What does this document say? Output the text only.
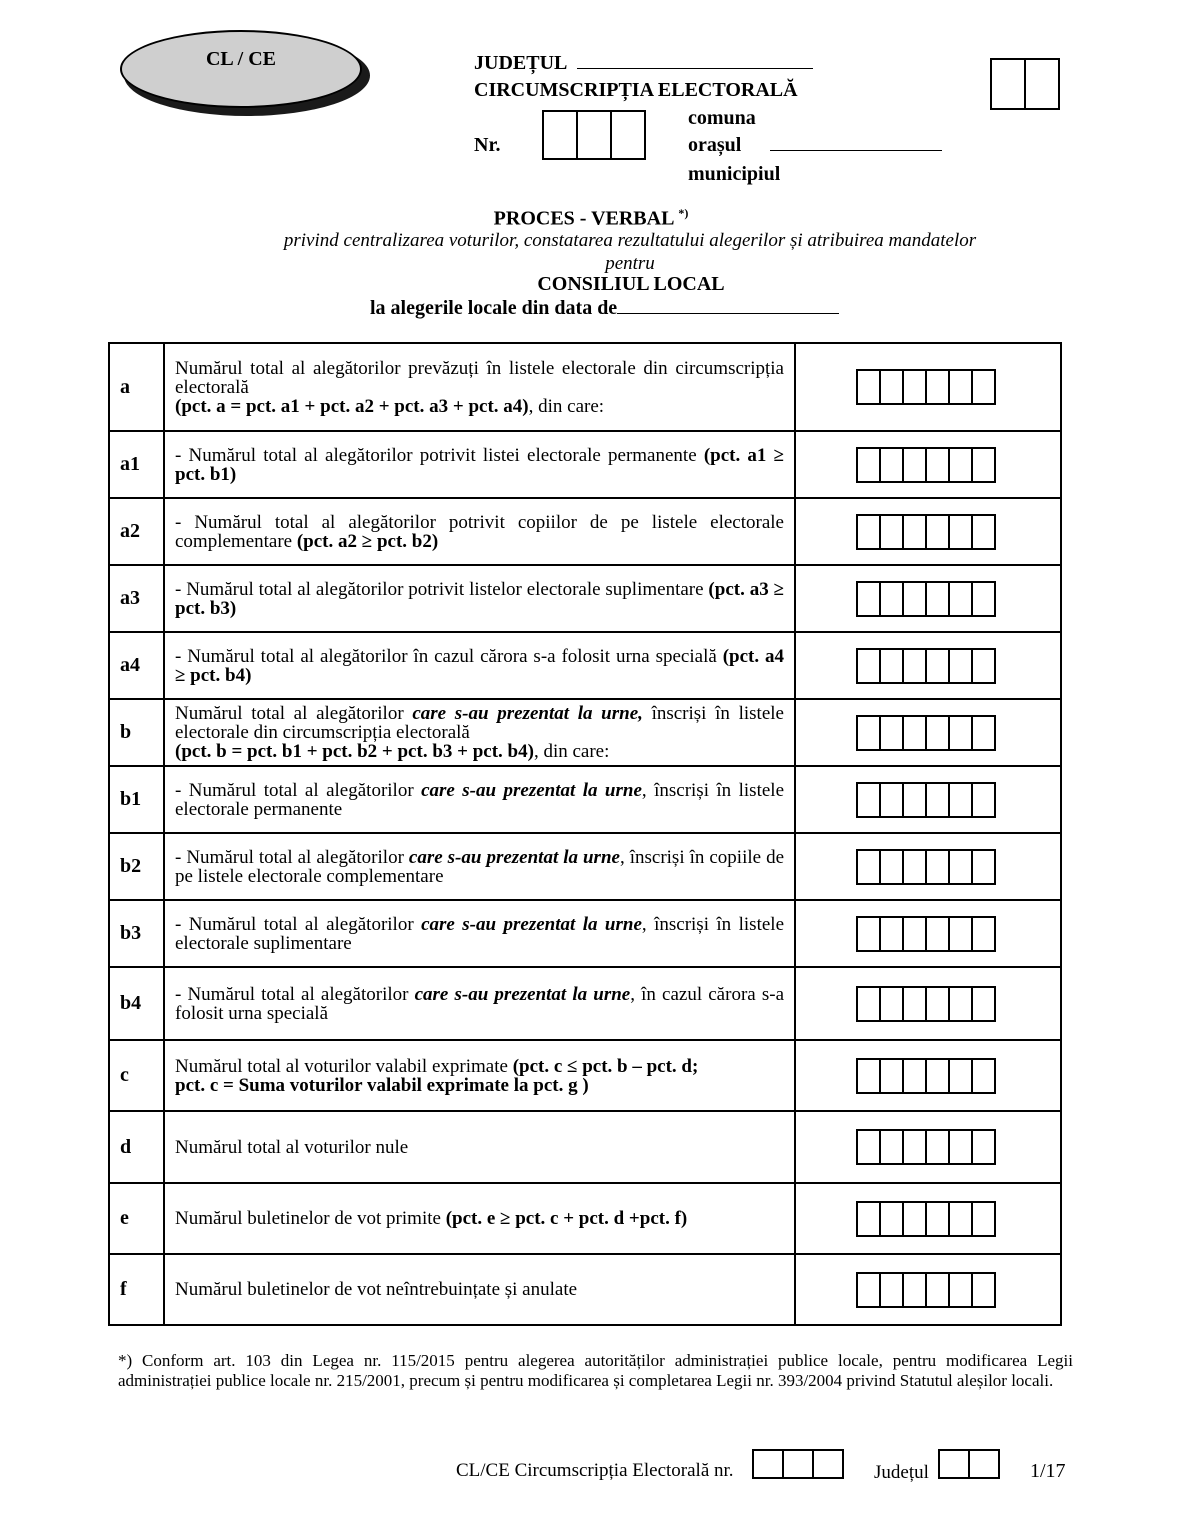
CL / CE	JUDEȚUL
CIRCUMSCRIPȚIA ELECTORALĂ
Nr.
comuna
orașul
municipiul
PROCES - VERBAL *)
privind centralizarea voturilor, constatarea rezultatului alegerilor și atribuirea mandatelor
pentru
CONSILIUL LOCAL
la alegerile locale din data de
a	Numărul total al alegătorilor prevăzuți în listele electorale din circumscripția electorală
(pct. a = pct. a1 + pct. a2 + pct. a3 + pct. a4), din care:	

a1	- Numărul total al alegătorilor potrivit listei electorale permanente (pct. a1 ≥ pct. b1)	

a2	- Numărul total al alegătorilor potrivit copiilor de pe listele electorale complementare (pct. a2 ≥ pct. b2)	

a3	- Numărul total al alegătorilor potrivit listelor electorale suplimentare (pct. a3 ≥ pct. b3)	

a4	- Numărul total al alegătorilor în cazul cărora s-a folosit urna specială (pct. a4 ≥ pct. b4)	

b	Numărul total al alegătorilor care s-au prezentat la urne, înscriși în listele electorale din circumscripția electorală
(pct. b = pct. b1 + pct. b2 + pct. b3 + pct. b4), din care:	

b1	- Numărul total al alegătorilor care s-au prezentat la urne, înscriși în listele electorale permanente	

b2	- Numărul total al alegătorilor care s-au prezentat la urne, înscriși în copiile de pe listele electorale complementare	

b3	- Numărul total al alegătorilor care s-au prezentat la urne, înscriși în listele electorale suplimentare	

b4	- Numărul total al alegătorilor care s-au prezentat la urne, în cazul cărora s-a folosit urna specială	

c	Numărul total al voturilor valabil exprimate (pct. c ≤ pct. b – pct. d;
pct. c = Suma voturilor valabil exprimate la pct. g )	

d	Numărul total al voturilor nule	

e	Numărul buletinelor de vot primite (pct. e ≥ pct. c + pct. d +pct. f)	

f	Numărul buletinelor de vot neîntrebuințate și anulate	
*) Conform art. 103 din Legea nr. 115/2015 pentru alegerea autorităților administrației publice locale, pentru modificarea Legii administrației publice locale nr. 215/2001, precum și pentru modificarea și completarea Legii nr. 393/2004 privind Statutul aleșilor locali.
CL/CE Circumscripția Electorală nr.	Județul	1/17
